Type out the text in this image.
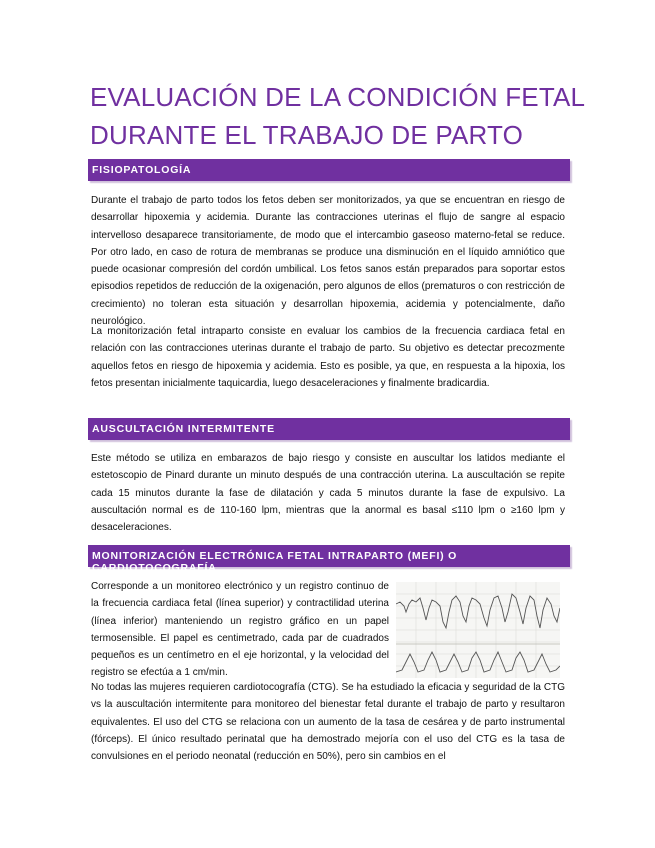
EVALUACIÓN DE LA CONDICIÓN FETAL
DURANTE EL TRABAJO DE PARTO
FISIOPATOLOGÍA

Durante el trabajo de parto todos los fetos deben ser monitorizados, ya que se encuentran en riesgo de desarrollar hipoxemia y acidemia. Durante las contracciones uterinas el flujo de sangre al espacio intervelloso desaparece transitoriamente, de modo que el intercambio gaseoso materno-fetal se reduce. Por otro lado, en caso de rotura de membranas se produce una disminución en el líquido amniótico que puede ocasionar compresión del cordón umbilical. Los fetos sanos están preparados para soportar estos episodios repetidos de reducción de la oxigenación, pero algunos de ellos (prematuros o con restricción de crecimiento) no toleran esta situación y desarrollan hipoxemia, acidemia y potencialmente, daño neurológico.

La monitorización fetal intraparto consiste en evaluar los cambios de la frecuencia cardiaca fetal en relación con las contracciones uterinas durante el trabajo de parto. Su objetivo es detectar precozmente aquellos fetos en riesgo de hipoxemia y acidemia. Esto es posible, ya que, en respuesta a la hipoxia, los fetos presentan inicialmente taquicardia, luego desaceleraciones y finalmente bradicardia.

AUSCULTACIÓN INTERMITENTE

Este método se utiliza en embarazos de bajo riesgo y consiste en auscultar los latidos mediante el estetoscopio de Pinard durante un minuto después de una contracción uterina. La auscultación se repite cada 15 minutos durante la fase de dilatación y cada 5 minutos durante la fase de expulsivo. La auscultación normal es de 110-160 lpm, mientras que la anormal es basal ≤110 lpm o ≥160 lpm y desaceleraciones.

MONITORIZACIÓN ELECTRÓNICA FETAL INTRAPARTO (MEFI) O CARDIOTOCOGRAFÍA

Corresponde a un monitoreo electrónico y un registro continuo de la frecuencia cardiaca fetal (línea superior) y contractilidad uterina (línea inferior) manteniendo un registro gráfico en un papel termosensible. El papel es centimetrado, cada par de cuadrados pequeños es un centímetro en el eje horizontal, y la velocidad del registro se efectúa a 1 cm/min.

No todas las mujeres requieren cardiotocografía (CTG). Se ha estudiado la eficacia y seguridad de la CTG vs la auscultación intermitente para monitoreo del bienestar fetal durante el trabajo de parto y resultaron equivalentes. El uso del CTG se relaciona con un aumento de la tasa de cesárea y de parto instrumental (fórceps). El único resultado perinatal que ha demostrado mejoría con el uso del CTG es la tasa de convulsiones en el periodo neonatal (reducción en 50%), pero sin cambios en el
